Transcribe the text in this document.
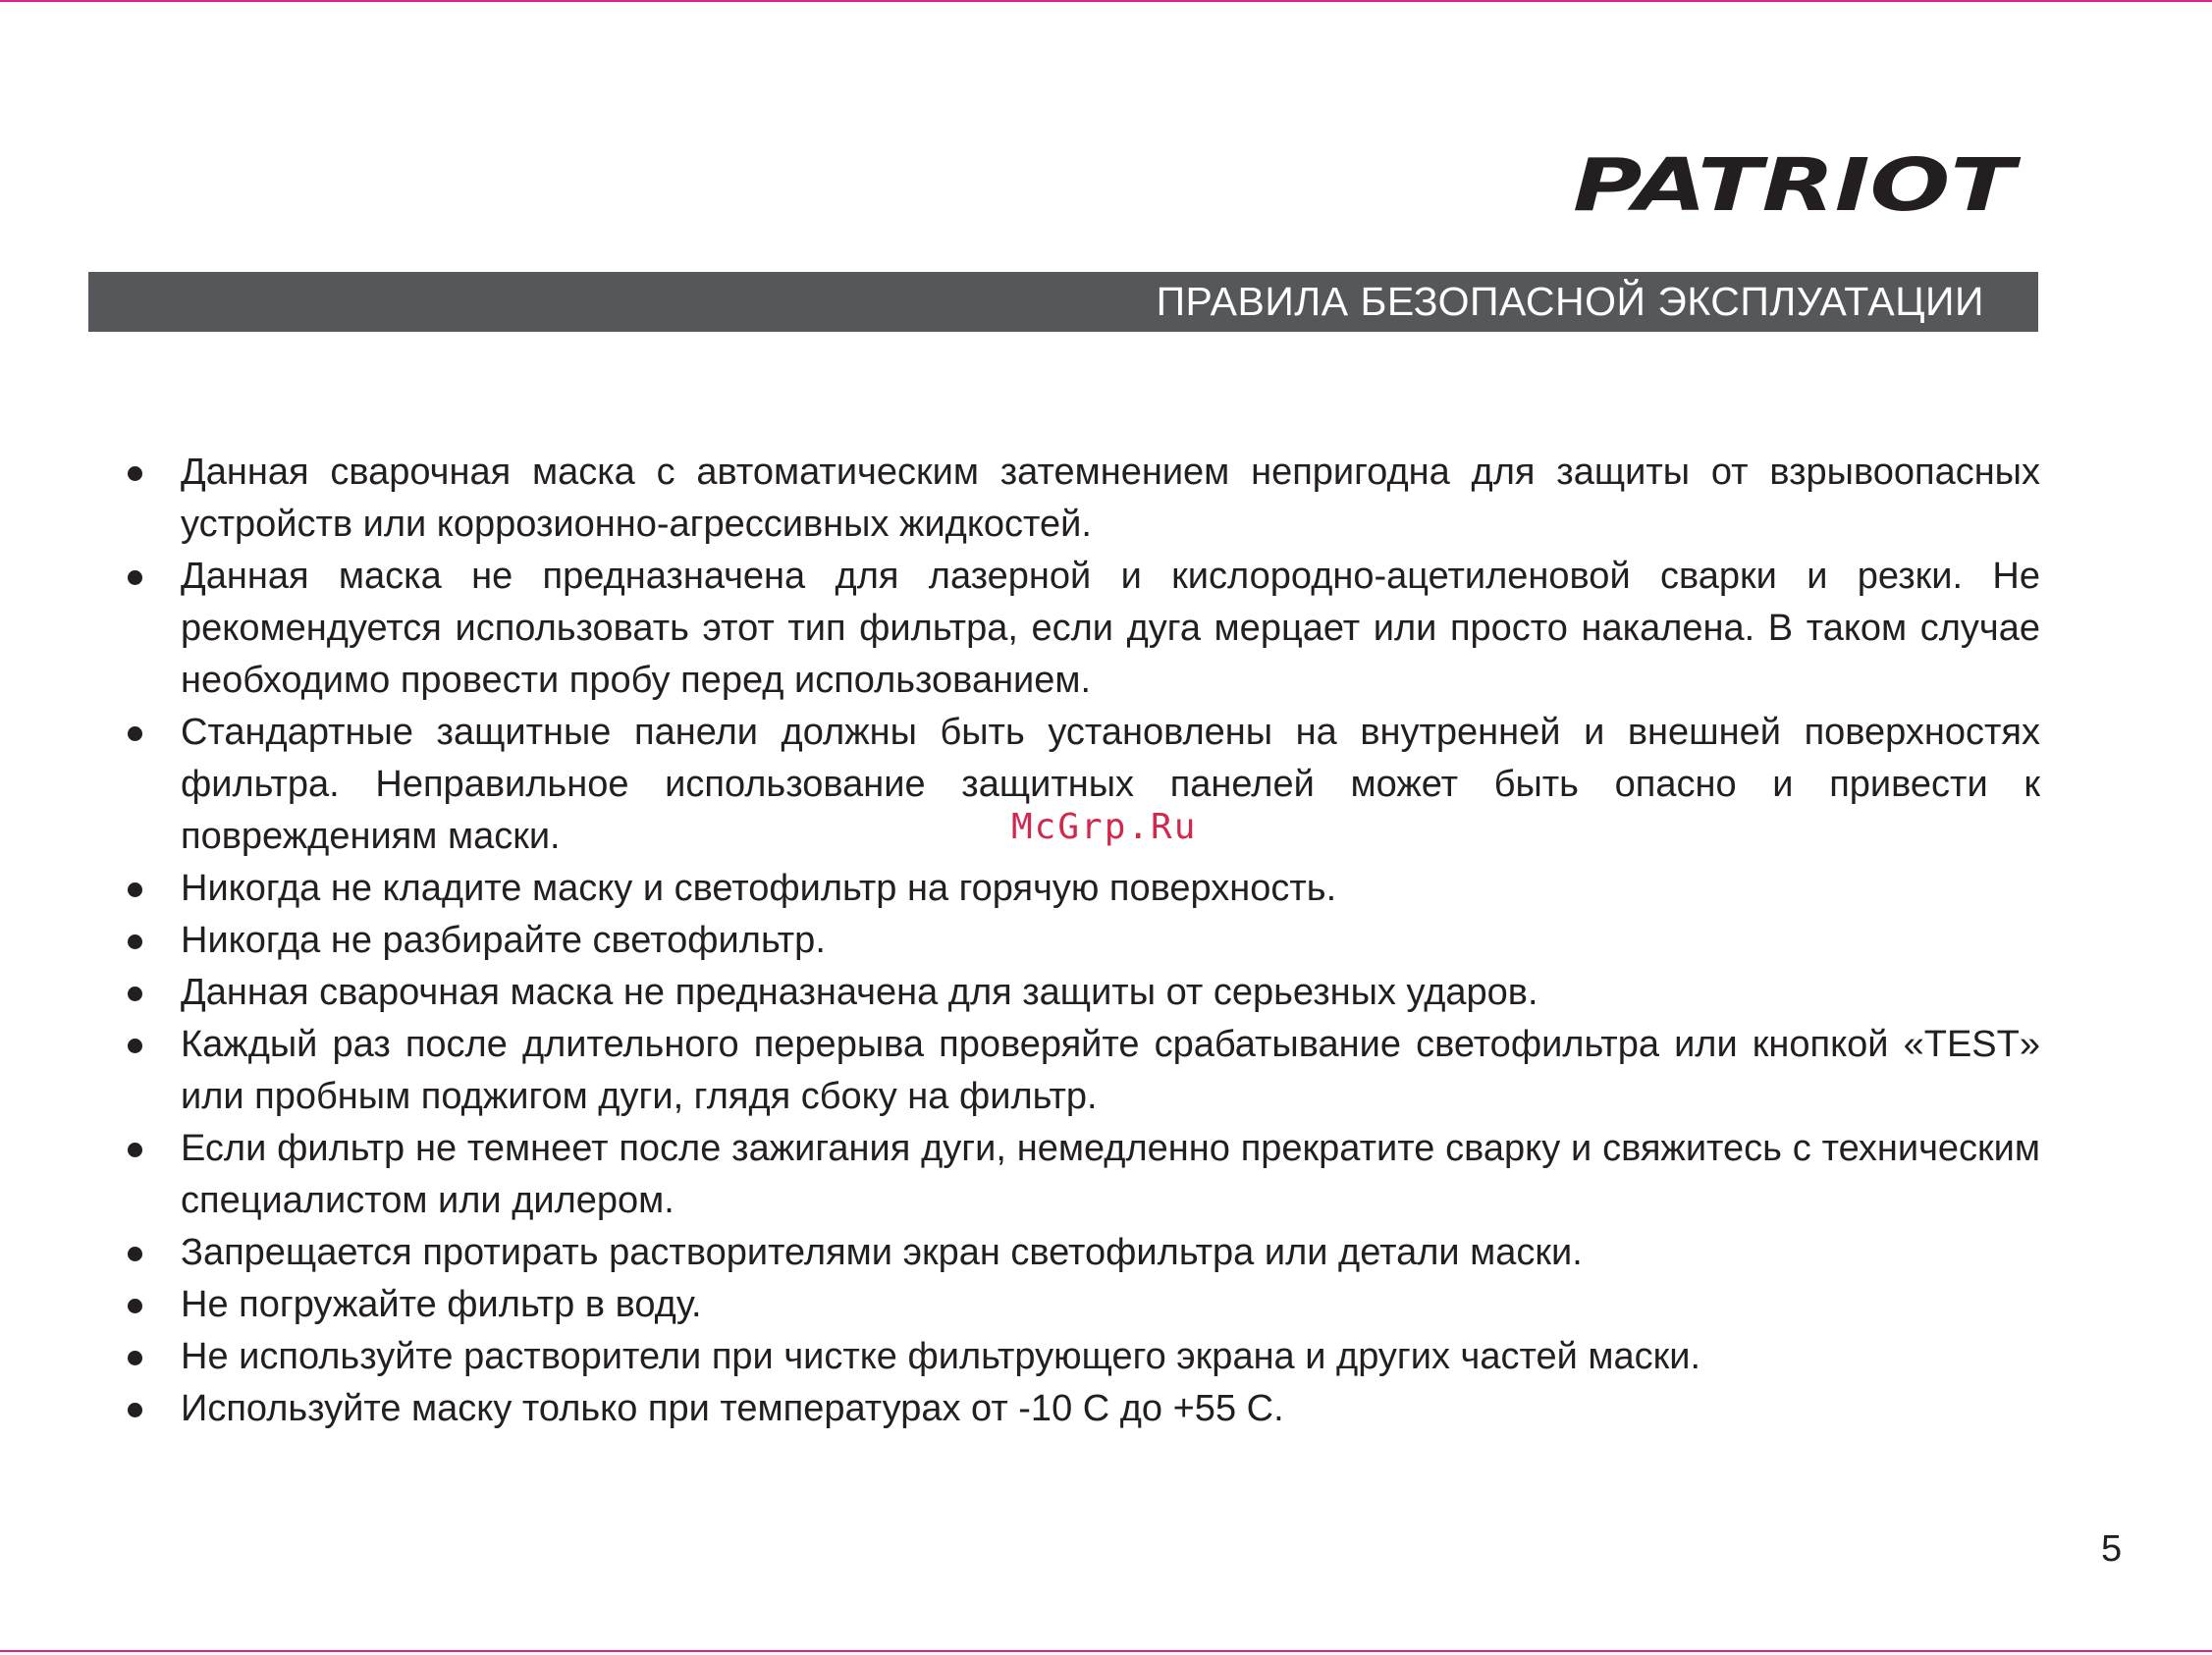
PATRIOT
ПРАВИЛА БЕЗОПАСНОЙ ЭКСПЛУАТАЦИИ
Данная сварочная маска с автоматическим затемнением непригодна для защиты от взрывоопасных устройств или коррозионно-агрессивных жидкостей.
Данная маска не предназначена для лазерной и кислородно-ацетиленовой сварки и резки. Не рекомендуется использовать этот тип фильтра, если дуга мерцает или просто накалена. В таком случае необходимо провести пробу перед использованием.
Стандартные защитные панели должны быть установлены на внутренней и внешней поверхностях фильтра. Неправильное использование защитных панелей может быть опасно и привести к повреждениям маски.
Никогда не кладите маску и светофильтр на горячую поверхность.
Никогда не разбирайте светофильтр.
Данная сварочная маска не предназначена для защиты от серьезных ударов.
Каждый раз после длительного перерыва проверяйте срабатывание светофильтра или кнопкой «TEST» или пробным поджигом дуги, глядя сбоку на фильтр.
Если фильтр не темнеет после зажигания дуги, немедленно прекратите сварку и свяжитесь с техническим специалистом или дилером.
Запрещается протирать растворителями экран светофильтра или детали маски.
Не погружайте фильтр в воду.
Не используйте растворители при чистке фильтрующего экрана и других частей маски.
Используйте маску только при температурах от -10 С до +55 С.
McGrp.Ru
5
